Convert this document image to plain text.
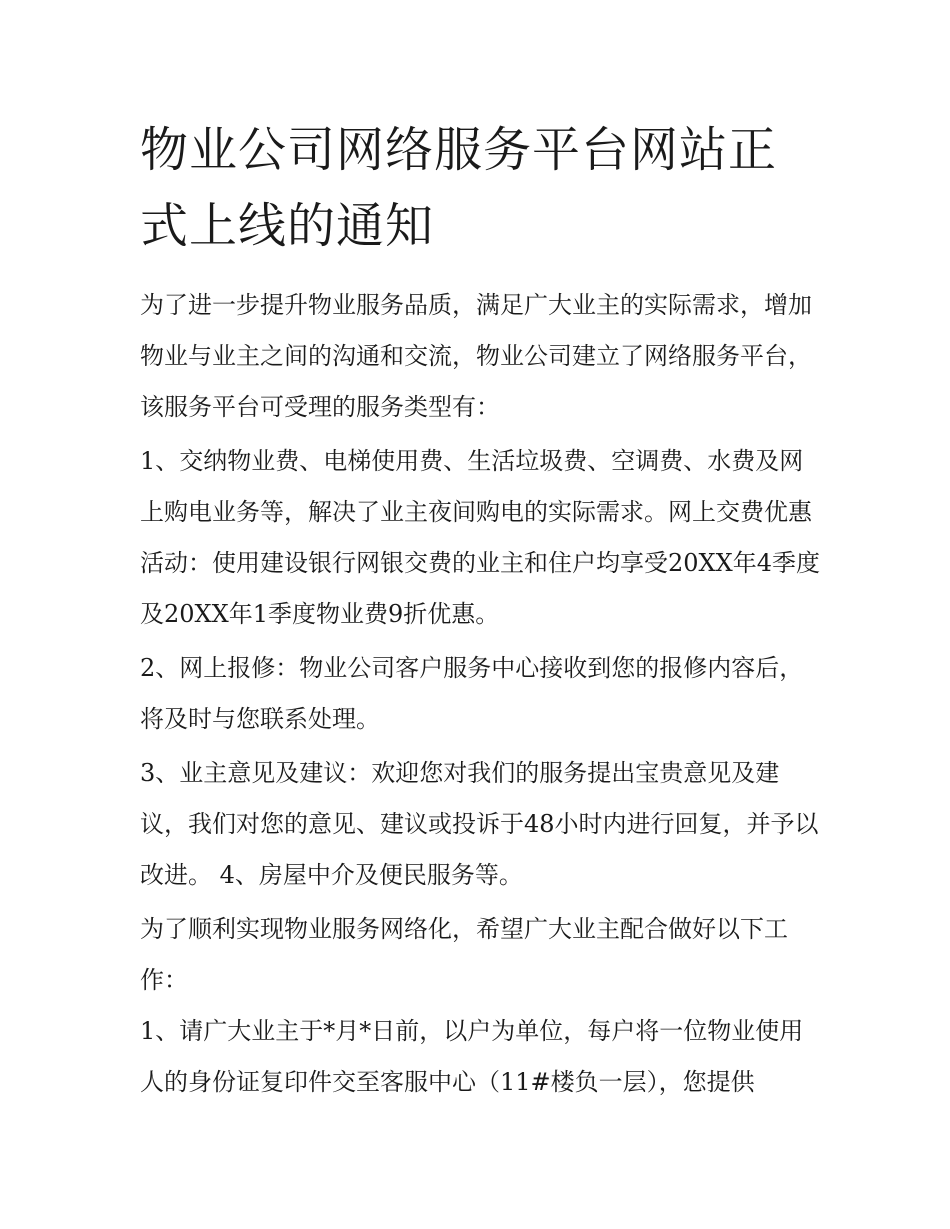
物业公司网络服务平台网站正式上线的通知

为了进一步提升物业服务品质，满足广大业主的实际需求，增加物业与业主之间的沟通和交流，物业公司建立了网络服务平台，该服务平台可受理的服务类型有：

1、交纳物业费、电梯使用费、生活垃圾费、空调费、水费及网上购电业务等，解决了业主夜间购电的实际需求。网上交费优惠活动：使用建设银行网银交费的业主和住户均享受20XX年4季度及20XX年1季度物业费9折优惠。

2、网上报修：物业公司客户服务中心接收到您的报修内容后，将及时与您联系处理。

3、业主意见及建议：欢迎您对我们的服务提出宝贵意见及建议，我们对您的意见、建议或投诉于48小时内进行回复，并予以改进。 4、房屋中介及便民服务等。

为了顺利实现物业服务网络化，希望广大业主配合做好以下工作：

1、请广大业主于*月*日前，以户为单位，每户将一位物业使用人的身份证复印件交至客服中心（11#楼负一层），您提供
